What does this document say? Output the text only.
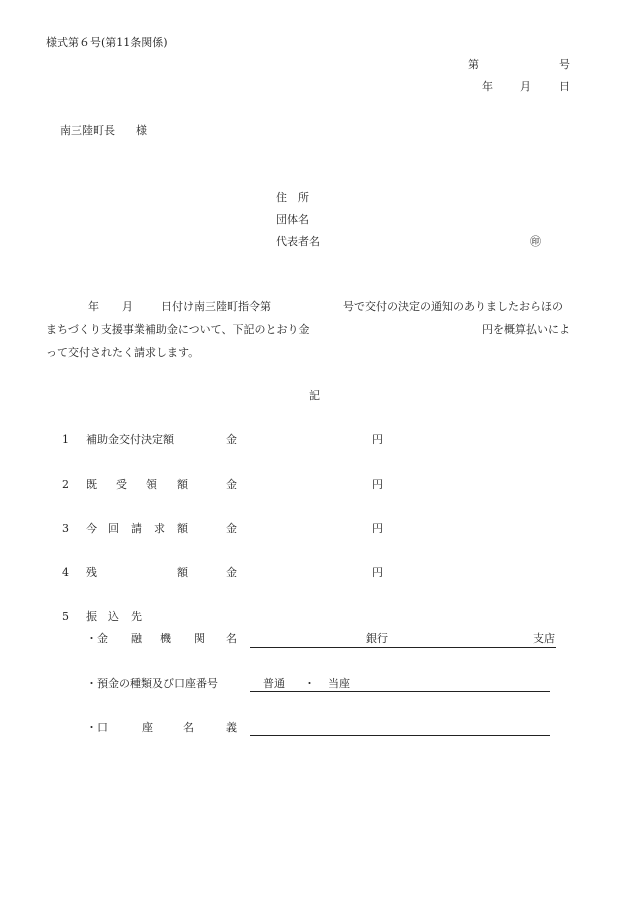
様式第６号(第11条関係)
第	号
年 月	日
南三陸町長 様
住　所
団体名
代表者名	㊞
年 月	日付け南三陸町指令第	号で交付の決定の通知のありましたおらほの
まちづくり支援事業補助金について、下記のとおり金	円を概算払いによ
って交付されたく請求します。
記
1 補助金交付決定額	金	円
2 既 受 領 額	金	円
3 今 回 請 求 額	金	円
4 残	額	金	円
5 振 込 先
・金 融 機 関 名	銀行	支店
・預金の種類及び口座番号	普通 ・ 当座
・口	座	名	義
